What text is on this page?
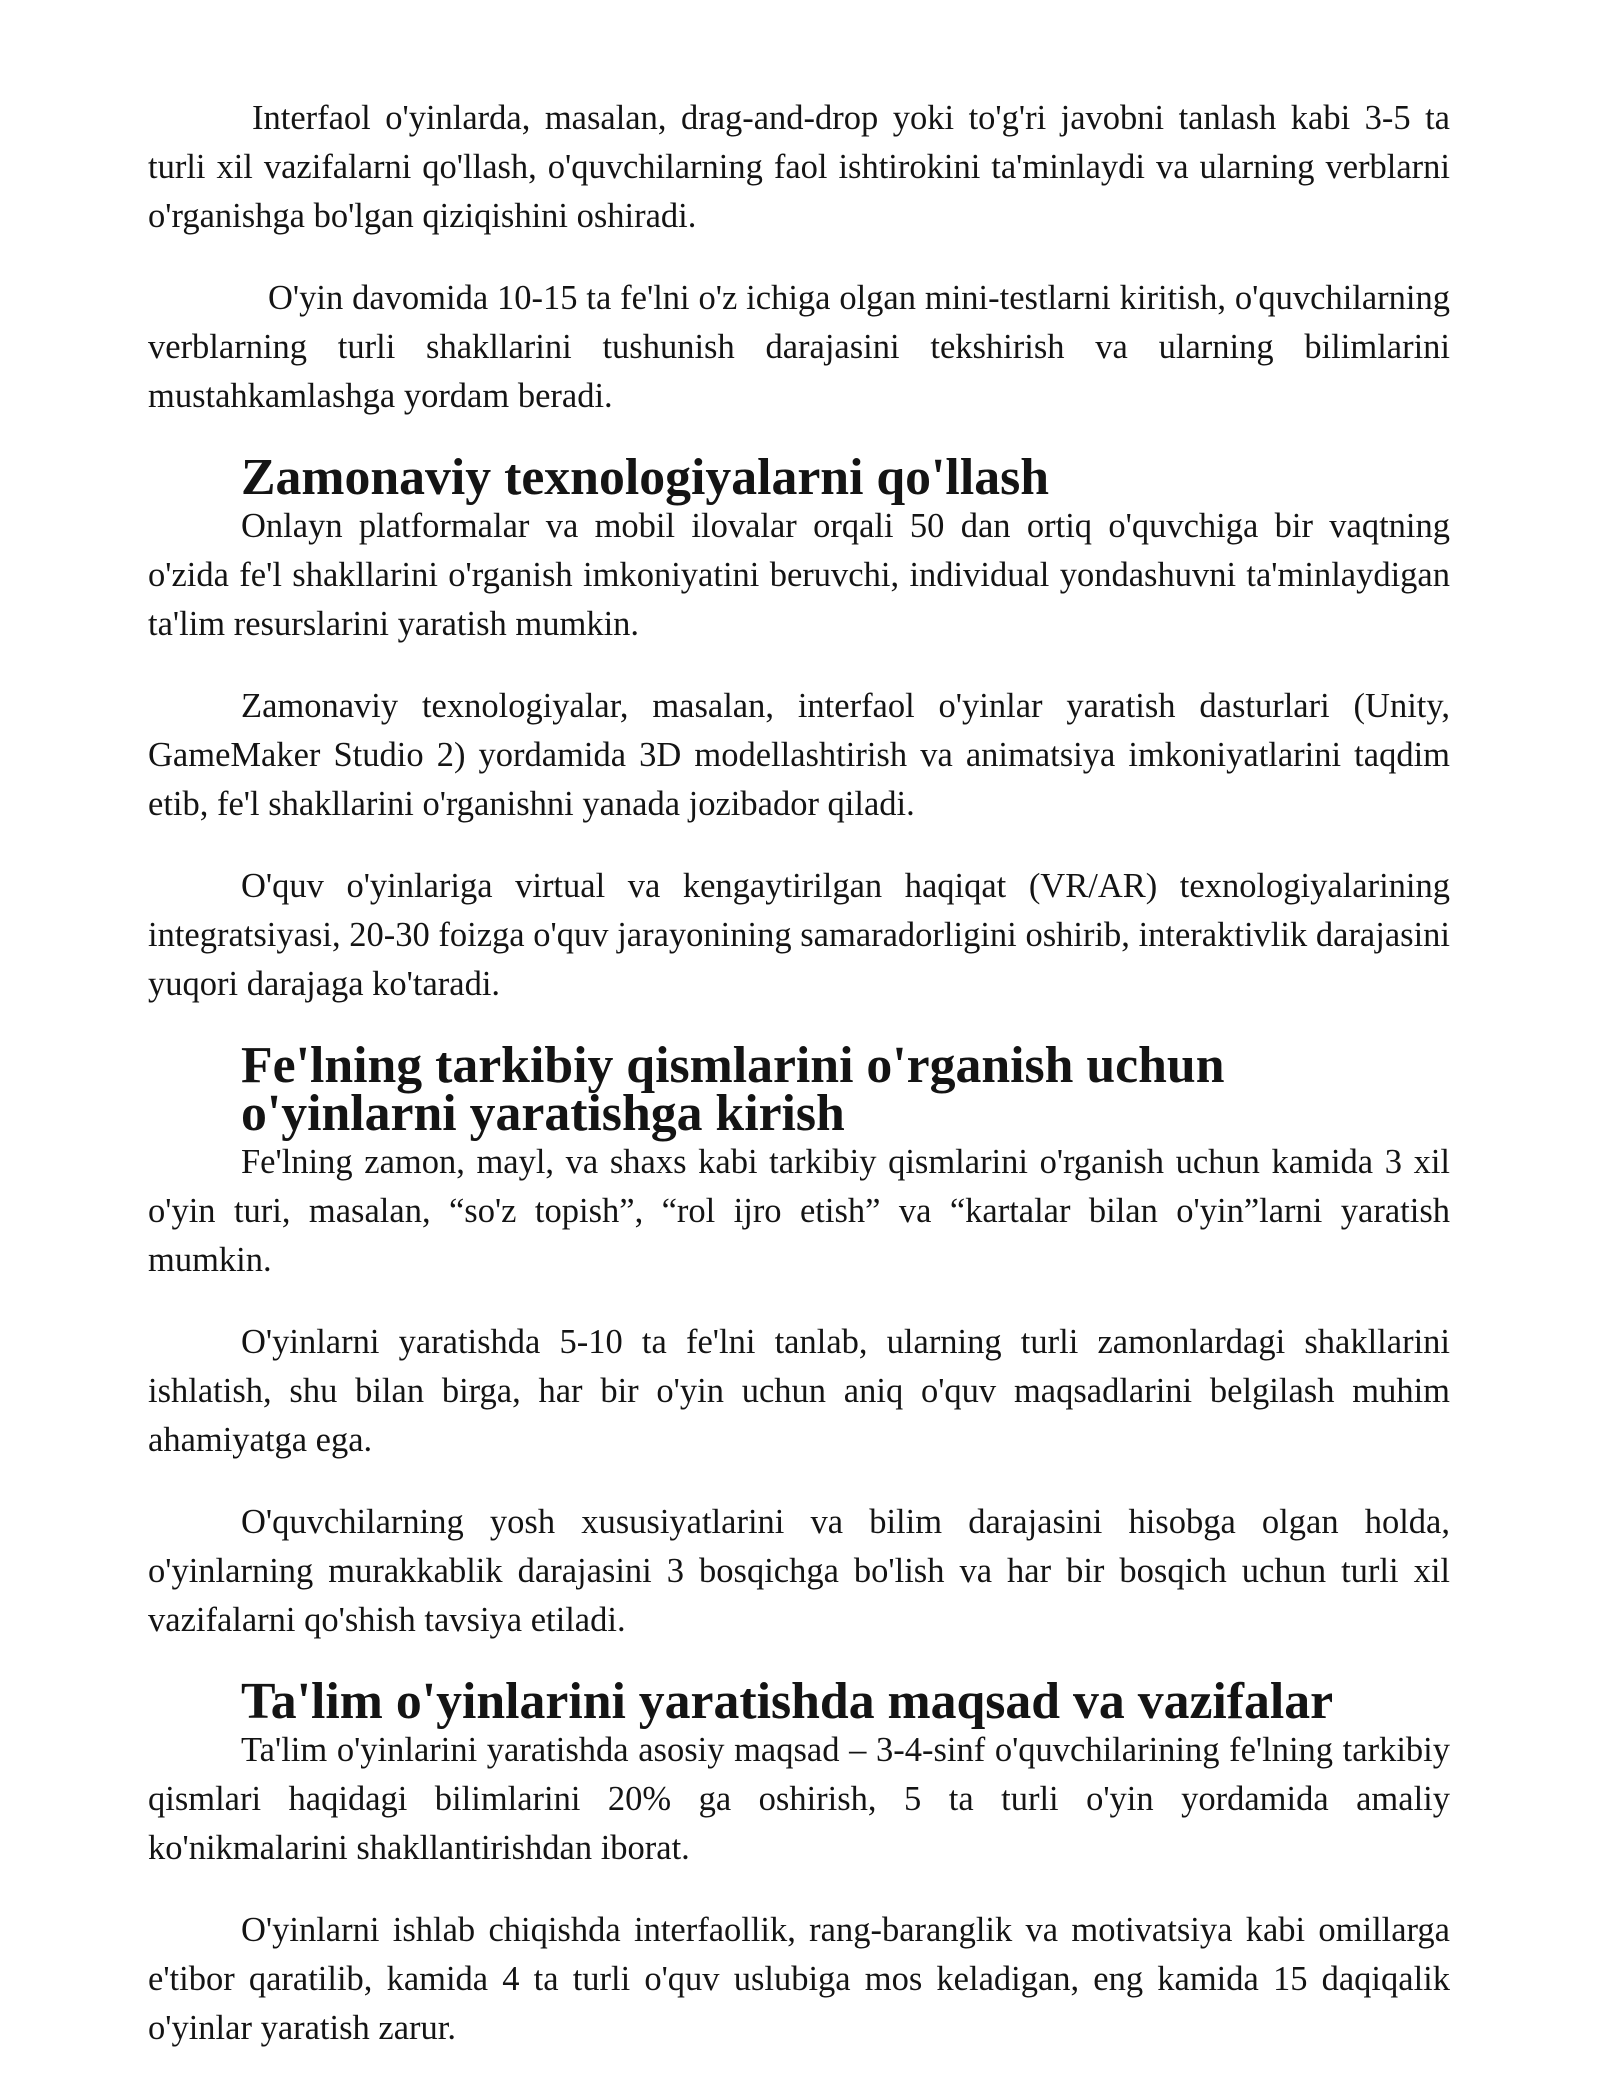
Interfaol o'yinlarda, masalan, drag-and-drop yoki to'g'ri javobni tanlash kabi 3-5 ta turli xil vazifalarni qo'llash, o'quvchilarning faol ishtirokini ta'minlaydi va ularning verblarni o'rganishga bo'lgan qiziqishini oshiradi.

O'yin davomida 10-15 ta fe'lni o'z ichiga olgan mini-testlarni kiritish, o'quvchilarning verblarning turli shakllarini tushunish darajasini tekshirish va ularning bilimlarini mustahkamlashga yordam beradi.

Zamonaviy texnologiyalarni qo'llash

Onlayn platformalar va mobil ilovalar orqali 50 dan ortiq o'quvchiga bir vaqtning o'zida fe'l shakllarini o'rganish imkoniyatini beruvchi, individual yondashuvni ta'minlaydigan ta'lim resurslarini yaratish mumkin.

Zamonaviy texnologiyalar, masalan, interfaol o'yinlar yaratish dasturlari (Unity, GameMaker Studio 2) yordamida 3D modellashtirish va animatsiya imkoniyatlarini taqdim etib, fe'l shakllarini o'rganishni yanada jozibador qiladi.

O'quv o'yinlariga virtual va kengaytirilgan haqiqat (VR/AR) texnologiyalarining integratsiyasi, 20-30 foizga o'quv jarayonining samaradorligini oshirib, interaktivlik darajasini yuqori darajaga ko'taradi.

Fe'lning tarkibiy qismlarini o'rganish uchun o'yinlarni yaratishga kirish

Fe'lning zamon, mayl, va shaxs kabi tarkibiy qismlarini o'rganish uchun kamida 3 xil o'yin turi, masalan, “so'z topish”, “rol ijro etish” va “kartalar bilan o'yin”larni yaratish mumkin.

O'yinlarni yaratishda 5-10 ta fe'lni tanlab, ularning turli zamonlardagi shakllarini ishlatish, shu bilan birga, har bir o'yin uchun aniq o'quv maqsadlarini belgilash muhim ahamiyatga ega.

O'quvchilarning yosh xususiyatlarini va bilim darajasini hisobga olgan holda, o'yinlarning murakkablik darajasini 3 bosqichga bo'lish va har bir bosqich uchun turli xil vazifalarni qo'shish tavsiya etiladi.

Ta'lim o'yinlarini yaratishda maqsad va vazifalar

Ta'lim o'yinlarini yaratishda asosiy maqsad – 3-4-sinf o'quvchilarining fe'lning tarkibiy qismlari haqidagi bilimlarini 20% ga oshirish, 5 ta turli o'yin yordamida amaliy ko'nikmalarini shakllantirishdan iborat.

O'yinlarni ishlab chiqishda interfaollik, rang-baranglik va motivatsiya kabi omillarga e'tibor qaratilib, kamida 4 ta turli o'quv uslubiga mos keladigan, eng kamida 15 daqiqalik o'yinlar yaratish zarur.
